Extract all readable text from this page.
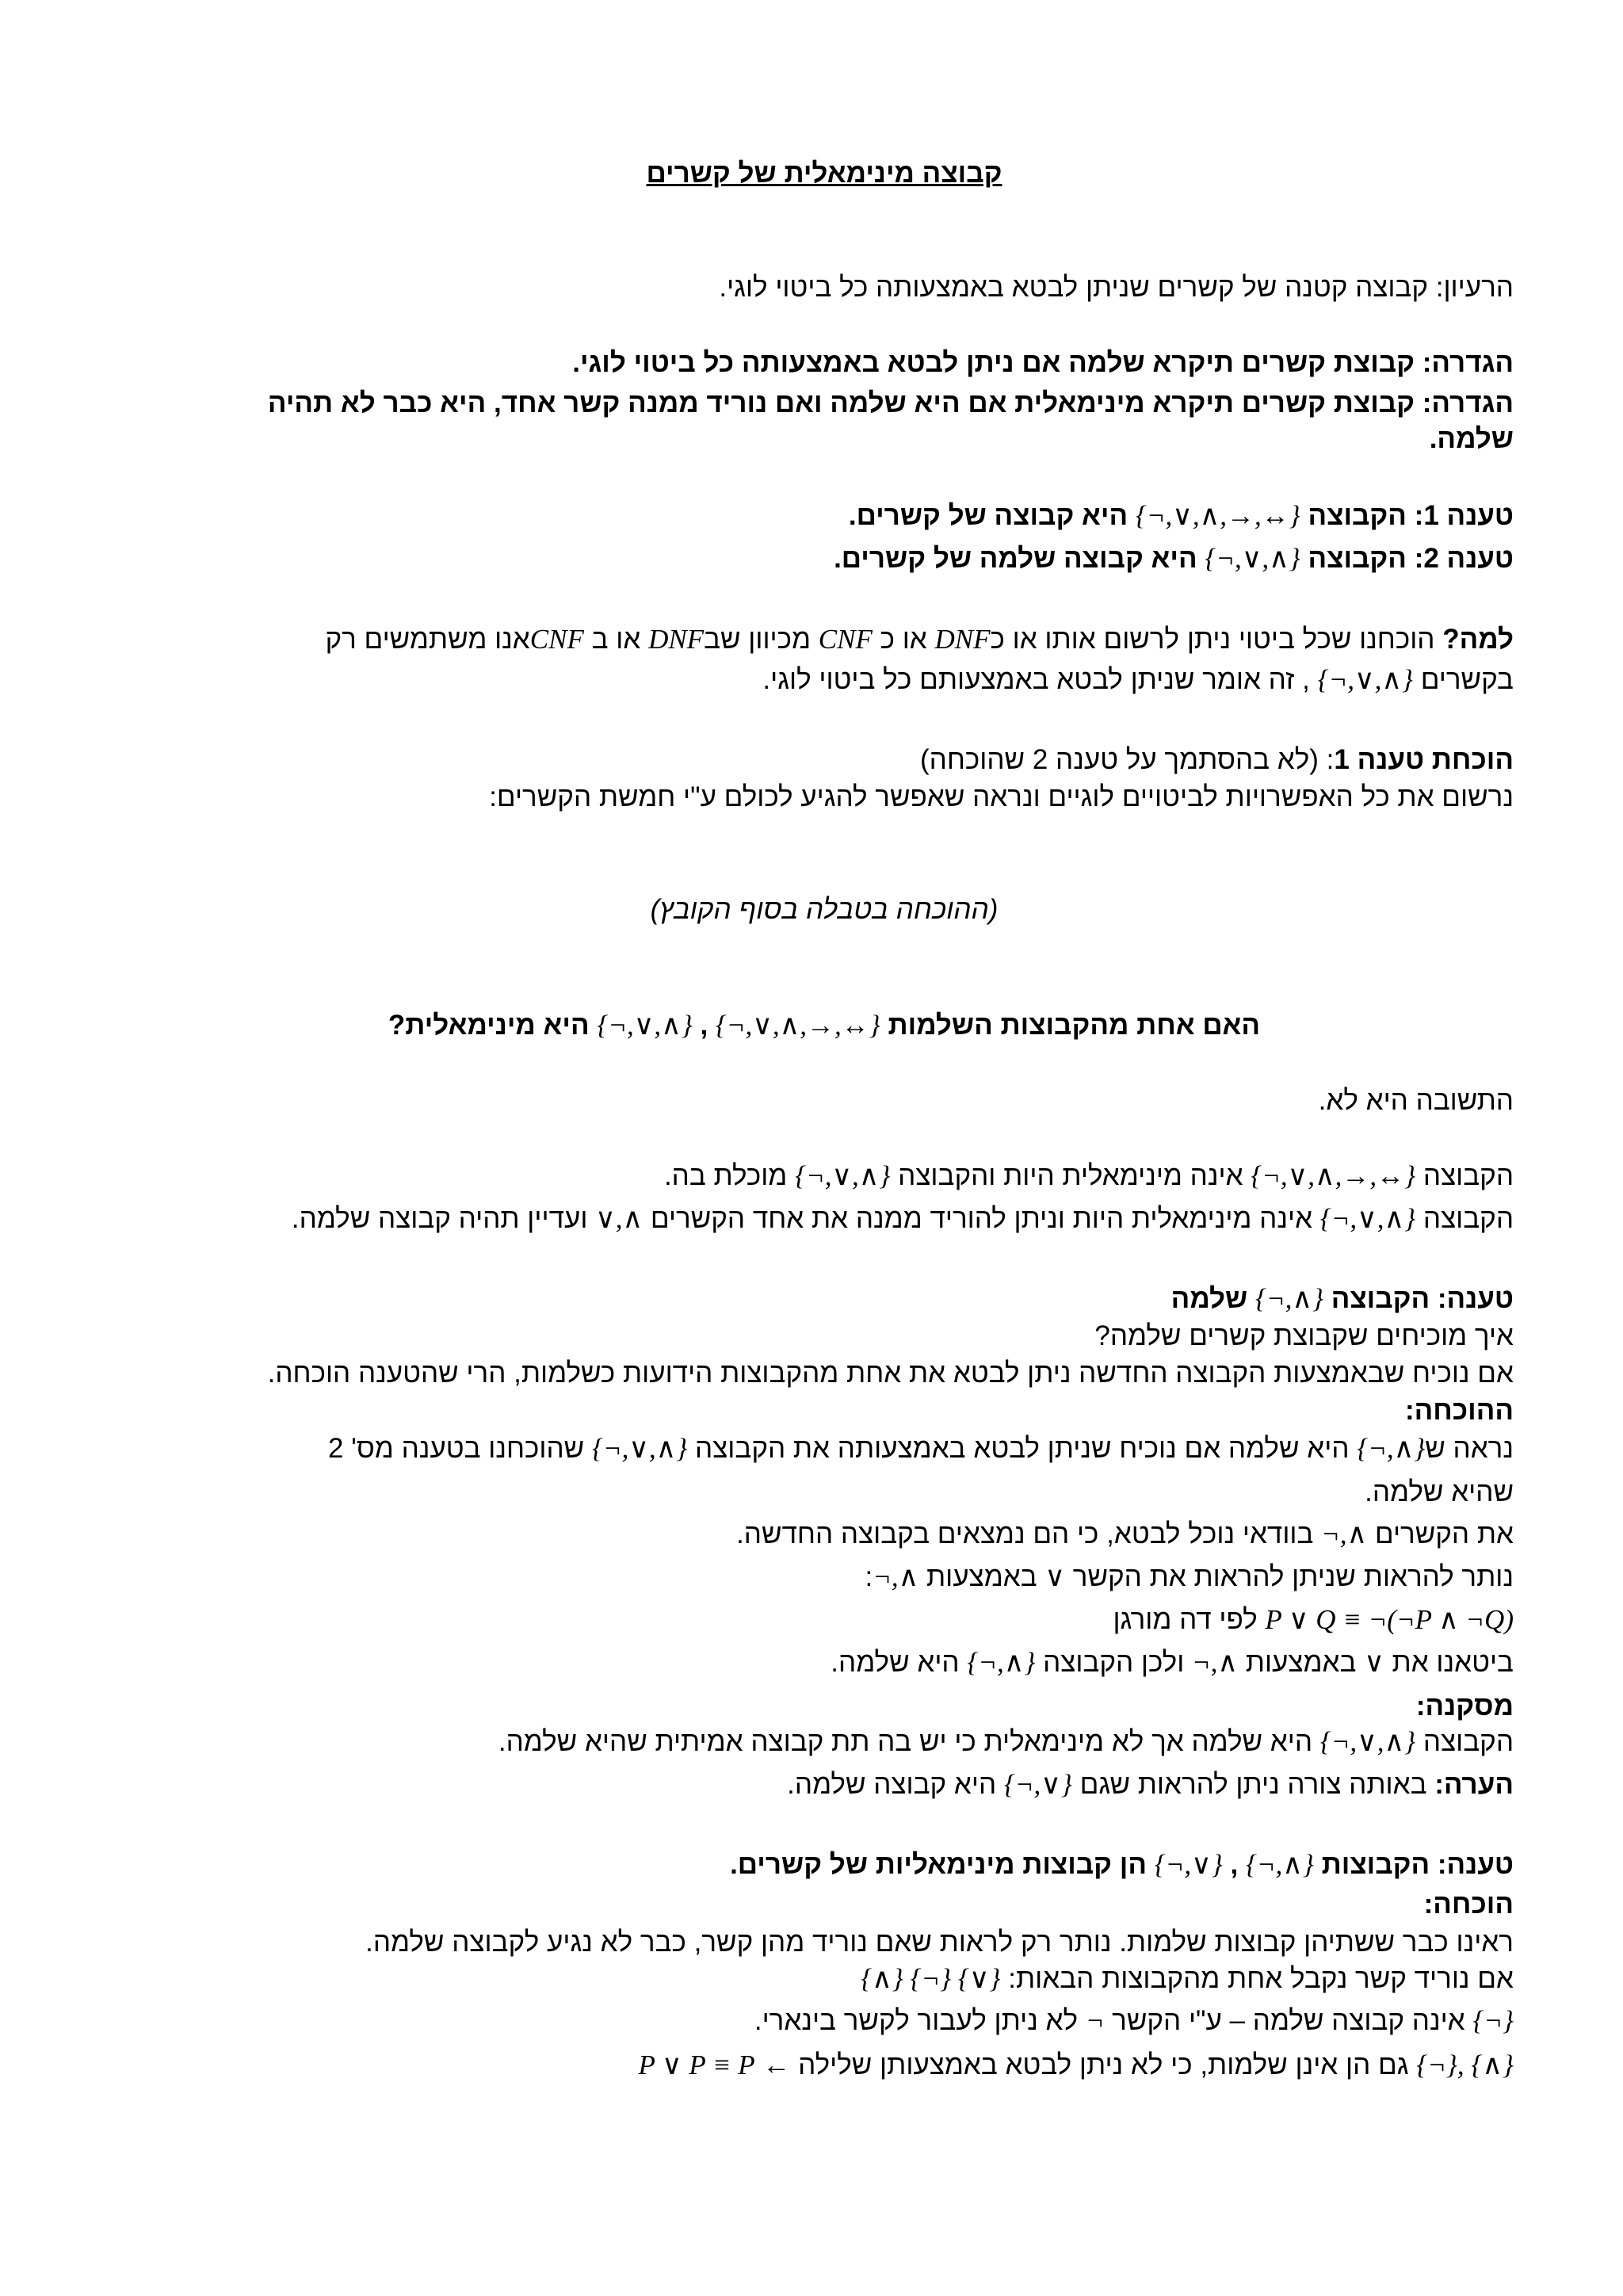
קבוצה מינימאלית של קשרים
הרעיון: קבוצה קטנה של קשרים שניתן לבטא באמצעותה כל ביטוי לוגי.
הגדרה: קבוצת קשרים תיקרא שלמה אם ניתן לבטא באמצעותה כל ביטוי לוגי.
הגדרה: קבוצת קשרים תיקרא מינימאלית אם היא שלמה ואם נוריד ממנה קשר אחד, היא כבר לא תהיה
שלמה.
טענה 1: הקבוצה {¬,∨,∧,→,↔} היא קבוצה של קשרים.
טענה 2: הקבוצה {¬,∨,∧} היא קבוצה שלמה של קשרים.
למה? הוכחנו שכל ביטוי ניתן לרשום אותו או כDNF או כ CNF מכיוון שבDNF או ב CNFאנו משתמשים רק
בקשרים {¬,∨,∧} , זה אומר שניתן לבטא באמצעותם כל ביטוי לוגי.
הוכחת טענה 1: (לא בהסתמך על טענה 2 שהוכחה)
נרשום את כל האפשרויות לביטויים לוגיים ונראה שאפשר להגיע לכולם ע"י חמשת הקשרים:
(ההוכחה בטבלה בסוף הקובץ)
האם אחת מהקבוצות השלמות {¬,∨,∧,→,↔} , {¬,∨,∧} היא מינימאלית?
התשובה היא לא.
הקבוצה {¬,∨,∧,→,↔} אינה מינימאלית היות והקבוצה {¬,∨,∧} מוכלת בה.
הקבוצה {¬,∨,∧} אינה מינימאלית היות וניתן להוריד ממנה את אחד הקשרים ∨,∧ ועדיין תהיה קבוצה שלמה.
טענה: הקבוצה {¬,∧} שלמה
איך מוכיחים שקבוצת קשרים שלמה?
אם נוכיח שבאמצעות הקבוצה החדשה ניתן לבטא את אחת מהקבוצות הידועות כשלמות, הרי שהטענה הוכחה.
ההוכחה:
נראה ש{¬,∧} היא שלמה אם נוכיח שניתן לבטא באמצעותה את הקבוצה {¬,∨,∧} שהוכחנו בטענה מס' 2
שהיא שלמה.
את הקשרים ¬,∧ בוודאי נוכל לבטא, כי הם נמצאים בקבוצה החדשה.
נותר להראות שניתן להראות את הקשר ∨ באמצעות ¬,∧:
P ∨ Q ≡ ¬(¬P ∧ ¬Q) לפי דה מורגן
ביטאנו את ∨ באמצעות ¬,∧ ולכן הקבוצה {¬,∧} היא שלמה.
מסקנה:
הקבוצה {¬,∨,∧} היא שלמה אך לא מינימאלית כי יש בה תת קבוצה אמיתית שהיא שלמה.
הערה: באותה צורה ניתן להראות שגם {¬,∨} היא קבוצה שלמה.
טענה: הקבוצות {¬,∧} , {¬,∨} הן קבוצות מינימאליות של קשרים.
הוכחה:
ראינו כבר ששתיהן קבוצות שלמות. נותר רק לראות שאם נוריד מהן קשר, כבר לא נגיע לקבוצה שלמה.
אם נוריד קשר נקבל אחת מהקבוצות הבאות: {∧} {¬} {∨}
{¬} אינה קבוצה שלמה – ע"י הקשר ¬ לא ניתן לעבור לקשר בינארי.
{¬}, {∧} גם הן אינן שלמות, כי לא ניתן לבטא באמצעותן שלילה ← P ∨ P ≡ P
